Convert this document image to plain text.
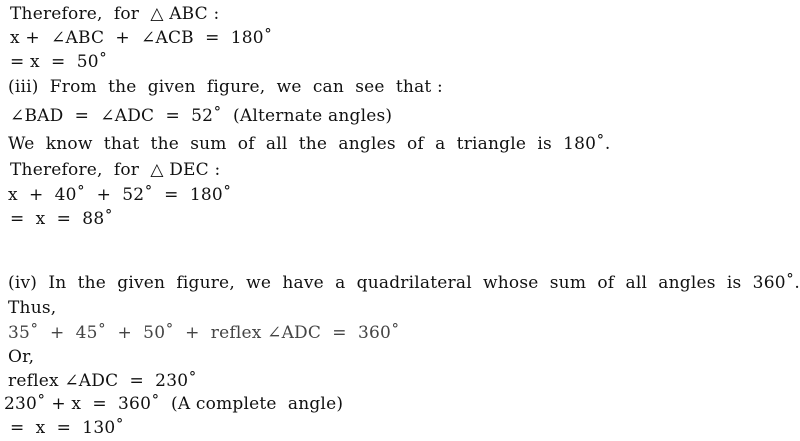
Therefore,  for  △ ABC :
x +  ∠ABC  +  ∠ACB  =  180˚
= x  =  50˚
(iii)  From  the  given  figure,  we  can  see  that :
∠BAD  =  ∠ADC  =  52˚  (Alternate angles)
We  know  that  the  sum  of  all  the  angles  of  a  triangle  is  180˚.
Therefore,  for  △ DEC :
x  +  40˚  +  52˚  =  180˚
=  x  =  88˚
(iv)  In  the  given  figure,  we  have  a  quadrilateral  whose  sum  of  all  angles  is  360˚.
Thus,
35˚  +  45˚  +  50˚  +  reflex ∠ADC  =  360˚
Or,
reflex ∠ADC  =  230˚
230˚ + x  =  360˚  (A complete  angle)
=  x  =  130˚
